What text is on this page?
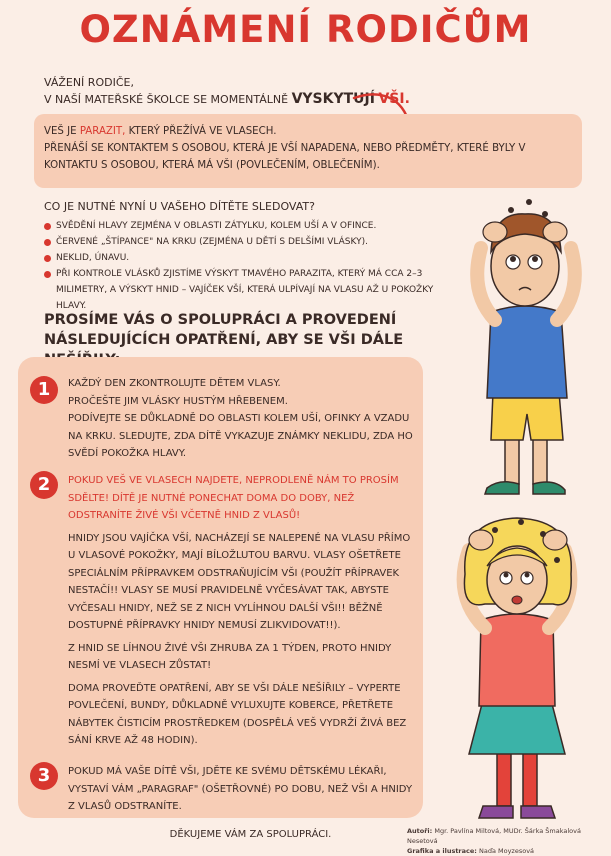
OZNÁMENÍ RODIČŮM
VÁŽENÍ RODIČE,
V NAŠÍ MATEŘSKÉ ŠKOLCE SE MOMENTÁLNĚ VYSKYTUJÍ VŠI.

VEŠ JE PARAZIT, KTERÝ PŘEŽÍVÁ VE VLASECH.
PŘENÁŠÍ SE KONTAKTEM S OSOBOU, KTERÁ JE VŠÍ NAPADENA, NEBO PŘEDMĚTY, KTERÉ BYLY V KONTAKTU S OSOBOU, KTERÁ MÁ VŠI (POVLEČENÍM, OBLEČENÍM).

CO JE NUTNÉ NYNÍ U VAŠEHO DÍTĚTE SLEDOVAT?
SVĚDĚNÍ HLAVY ZEJMÉNA V OBLASTI ZÁTYLKU, KOLEM UŠÍ A V OFINCE.
ČERVENÉ „ŠTÍPANCE" NA KRKU (ZEJMÉNA U DĚTÍ S DELŠÍMI VLÁSKY).
NEKLID, ÚNAVU.
PŘI KONTROLE VLÁSKŮ ZJISTÍME VÝSKYT TMAVÉHO PARAZITA, KTERÝ MÁ CCA 2–3 MILIMETRY, A VÝSKYT HNID – VAJÍČEK VŠÍ, KTERÁ ULPÍVAJÍ NA VLASU AŽ U POKOŽKY HLAVY.
PROSÍME VÁS O SPOLUPRÁCI A PROVEDENÍ NÁSLEDUJÍCÍCH OPATŘENÍ, ABY SE VŠI DÁLE
1	KAŽDÝ DEN ZKONTROLUJTE DĚTEM VLASY.
PROČEŠTE JIM VLÁSKY HUSTÝM HŘEBENEM.
PODÍVEJTE SE DŮKLADNĚ DO OBLASTI KOLEM UŠÍ, OFINKY A VZADU NA KRKU. SLEDUJTE, ZDA DÍTĚ VYKAZUJE ZNÁMKY NEKLIDU, ZDA HO SVĚDÍ POKOŽKA HLAVY.
2	POKUD VEŠ VE VLASECH NAJDETE, NEPRODLENĚ NÁM TO PROSÍM SDĚLTE! DÍTĚ JE NUTNÉ PONECHAT DOMA DO DOBY, NEŽ ODSTRANÍTE ŽIVÉ VŠI VČETNĚ HNID Z VLASŮ!

HNIDY JSOU VAJÍČKA VŠÍ, NACHÁZEJÍ SE NALEPENÉ NA VLASU PŘÍMO U VLASOVÉ POKOŽKY, MAJÍ BÍLOŽLUTOU BARVU. VLASY OŠETŘETE SPECIÁLNÍM PŘÍPRAVKEM ODSTRAŇUJÍCÍM VŠI (POUŽÍT PŘÍPRAVEK NESTAČÍ!! VLASY SE MUSÍ PRAVIDELNĚ VYČESÁVAT TAK, ABYSTE VYČESALI HNIDY, NEŽ SE Z NICH VYLÍHNOU DALŠÍ VŠI!! BĚŽNĚ DOSTUPNÉ PŘÍPRAVKY HNIDY NEMUSÍ ZLIKVIDOVAT!!).

Z HNID SE LÍHNOU ŽIVÉ VŠI ZHRUBA ZA 1 TÝDEN, PROTO HNIDY NESMÍ VE VLASECH ZŮSTAT!

DOMA PROVEĎTE OPATŘENÍ, ABY SE VŠI DÁLE NEŠÍŘILY – VYPERTE POVLEČENÍ, BUNDY, DŮKLADNĚ VYLUXUJTE KOBERCE, PŘETŘETE NÁBYTEK ČISTICÍM PROSTŘEDKEM (DOSPĚLÁ VEŠ VYDRŽÍ ŽIVÁ BEZ SÁNÍ KRVE AŽ 48 HODIN).

3	POKUD MÁ VAŠE DÍTĚ VŠI, JDĚTE KE SVÉMU DĚTSKÉMU LÉKAŘI, VYSTAVÍ VÁM „PARAGRAF" (OŠETŘOVNÉ) PO DOBU, NEŽ VŠI A HNIDY Z VLASŮ ODSTRANÍTE.
DĚKUJEME VÁM ZA SPOLUPRÁCI.	Autoři: Mgr. Pavlína Miltová, MUDr. Šárka Šmakalová Nesetová
Grafika a ilustrace: Naďa Moyzesová
